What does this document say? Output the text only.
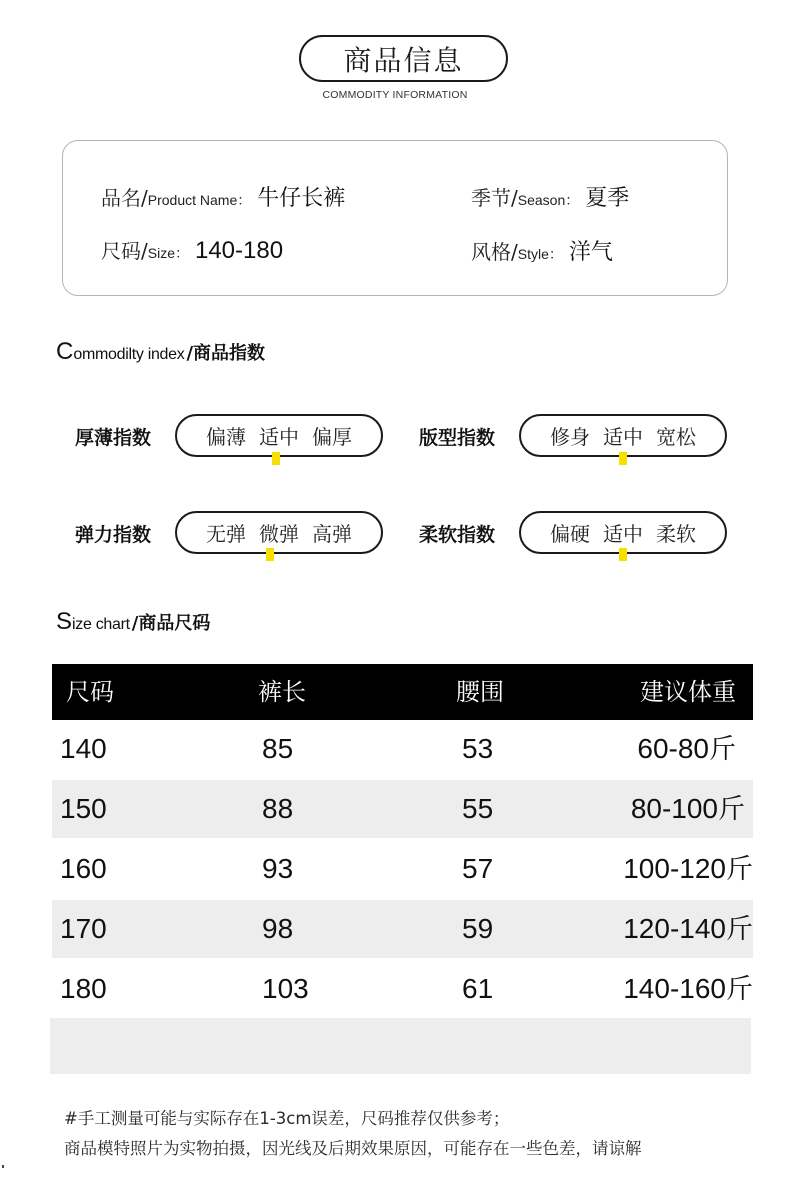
商品信息
COMMODITY INFORMATION
品名/ Product Name ： 牛仔长裤	季节/ Season ： 夏季
尺码/ Size ： 140-180	风格/ Style ： 洋气
C ommodilty index /商品指数
厚薄指数	偏薄 适中 偏厚	版型指数	修身 适中 宽松
弹力指数	无弹 微弹 高弹	柔软指数	偏硬 适中 柔软
S ize chart /商品尺码
尺码	裤长	腰围	建议体重
140	85	53	60-80斤
150	88	55	80-100斤
160	93	57	100-120斤
170	98	59	120-140斤
180	103	61	140-160斤
#手工测量可能与实际存在1-3cm误差，尺码推荐仅供参考；
商品模特照片为实物拍摄，因光线及后期效果原因，可能存在一些色差，请谅解
